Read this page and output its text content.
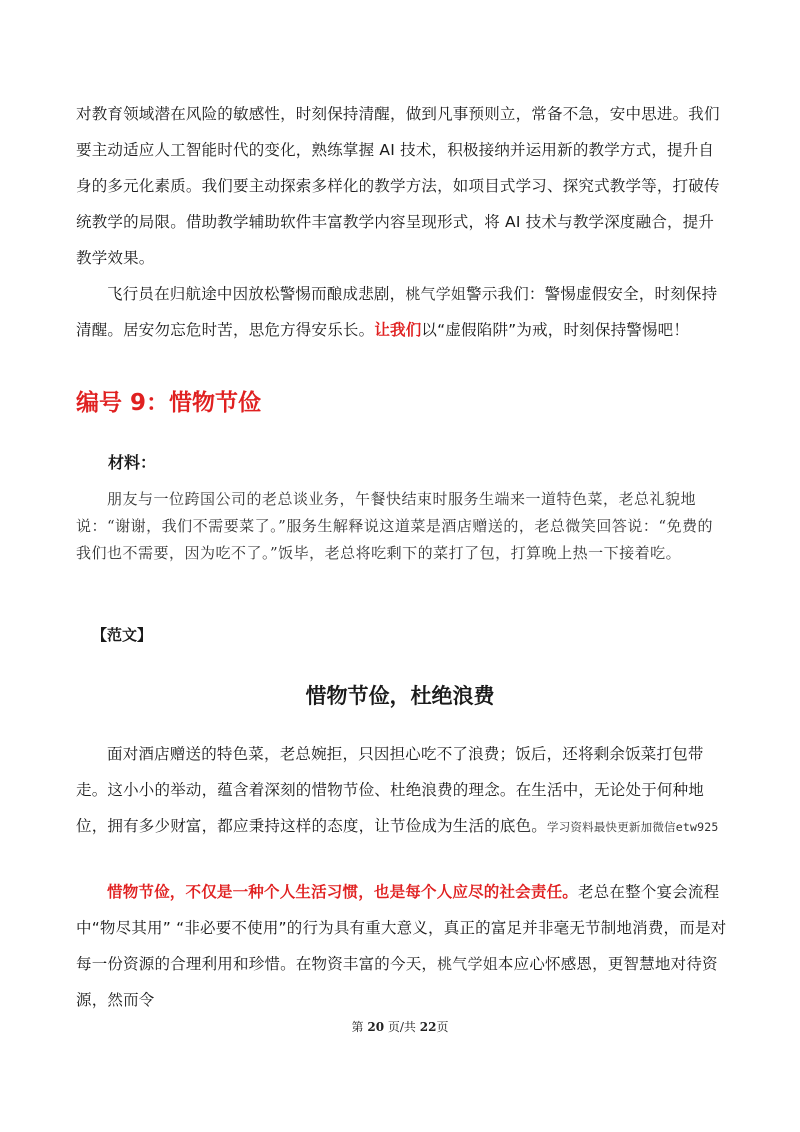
对教育领域潜在风险的敏感性，时刻保持清醒，做到凡事预则立，常备不急，安中思进。我们要主动适应人工智能时代的变化，熟练掌握 AI 技术，积极接纳并运用新的教学方式，提升自身的多元化素质。我们要主动探索多样化的教学方法，如项目式学习、探究式教学等，打破传统教学的局限。借助教学辅助软件丰富教学内容呈现形式，将 AI 技术与教学深度融合，提升教学效果。

飞行员在归航途中因放松警惕而酿成悲剧，桃气学姐警示我们：警惕虚假安全，时刻保持清醒。居安勿忘危时苦，思危方得安乐长。让我们以“虚假陷阱”为戒，时刻保持警惕吧！

编号 9：惜物节俭

材料：

朋友与一位跨国公司的老总谈业务，午餐快结束时服务生端来一道特色菜，老总礼貌地说：“谢谢，我们不需要菜了。”服务生解释说这道菜是酒店赠送的，老总微笑回答说：“免费的我们也不需要，因为吃不了。”饭毕，老总将吃剩下的菜打了包，打算晚上热一下接着吃。

【范文】

惜物节俭，杜绝浪费

面对酒店赠送的特色菜，老总婉拒，只因担心吃不了浪费；饭后，还将剩余饭菜打包带走。这小小的举动，蕴含着深刻的惜物节俭、杜绝浪费的理念。在生活中，无论处于何种地位，拥有多少财富，都应秉持这样的态度，让节俭成为生活的底色。学习资料最快更新加微信etw925

惜物节俭，不仅是一种个人生活习惯，也是每个人应尽的社会责任。老总在整个宴会流程中“物尽其用” “非必要不使用”的行为具有重大意义，真正的富足并非毫无节制地消费，而是对每一份资源的合理利用和珍惜。在物资丰富的今天，桃气学姐本应心怀感恩，更智慧地对待资源，然而令

第 20 页/共 22页
